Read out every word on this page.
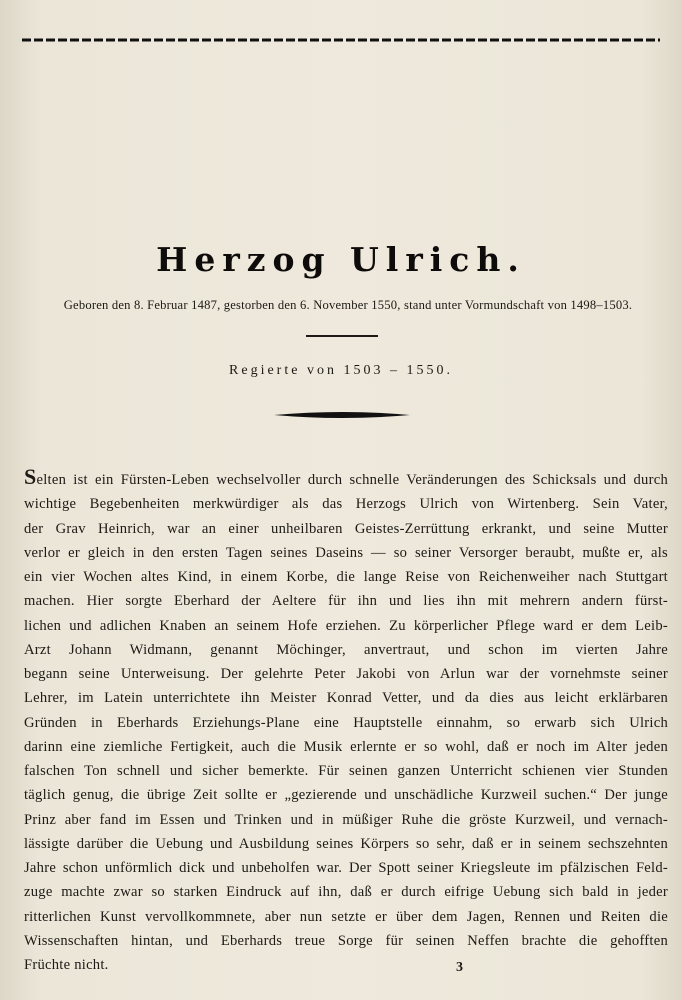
Herzog Ulrich.
Geboren den 8. Februar 1487, gestorben den 6. November 1550, stand unter Vormundschaft von 1498–1503.
Regierte von 1503 – 1550.
Selten ist ein Fürsten-Leben wechselvoller durch schnelle Veränderungen des Schicksals und durch
wichtige Begebenheiten merkwürdiger als das Herzogs Ulrich von Wirtenberg. Sein Vater,
der Grav Heinrich, war an einer unheilbaren Geistes-Zerrüttung erkrankt, und seine Mutter
verlor er gleich in den ersten Tagen seines Daseins — so seiner Versorger beraubt, mußte er, als
ein vier Wochen altes Kind, in einem Korbe, die lange Reise von Reichenweiher nach Stuttgart
machen. Hier sorgte Eberhard der Aeltere für ihn und lies ihn mit mehrern andern fürst-
lichen und adlichen Knaben an seinem Hofe erziehen. Zu körperlicher Pflege ward er dem Leib-
Arzt Johann Widmann, genannt Möchinger, anvertraut, und schon im vierten Jahre
begann seine Unterweisung. Der gelehrte Peter Jakobi von Arlun war der vornehmste seiner
Lehrer, im Latein unterrichtete ihn Meister Konrad Vetter, und da dies aus leicht erklärbaren
Gründen in Eberhards Erziehungs-Plane eine Hauptstelle einnahm, so erwarb sich Ulrich
darinn eine ziemliche Fertigkeit, auch die Musik erlernte er so wohl, daß er noch im Alter jeden
falschen Ton schnell und sicher bemerkte. Für seinen ganzen Unterricht schienen vier Stunden
täglich genug, die übrige Zeit sollte er „gezierende und unschädliche Kurzweil suchen.“ Der junge
Prinz aber fand im Essen und Trinken und in müßiger Ruhe die gröste Kurzweil, und vernach-
lässigte darüber die Uebung und Ausbildung seines Körpers so sehr, daß er in seinem sechszehnten
Jahre schon unförmlich dick und unbeholfen war. Der Spott seiner Kriegsleute im pfälzischen Feld-
zuge machte zwar so starken Eindruck auf ihn, daß er durch eifrige Uebung sich bald in jeder
ritterlichen Kunst vervollkommnete, aber nun setzte er über dem Jagen, Rennen und Reiten die
Wissenschaften hintan, und Eberhards treue Sorge für seinen Neffen brachte die gehofften
Früchte nicht.	3
